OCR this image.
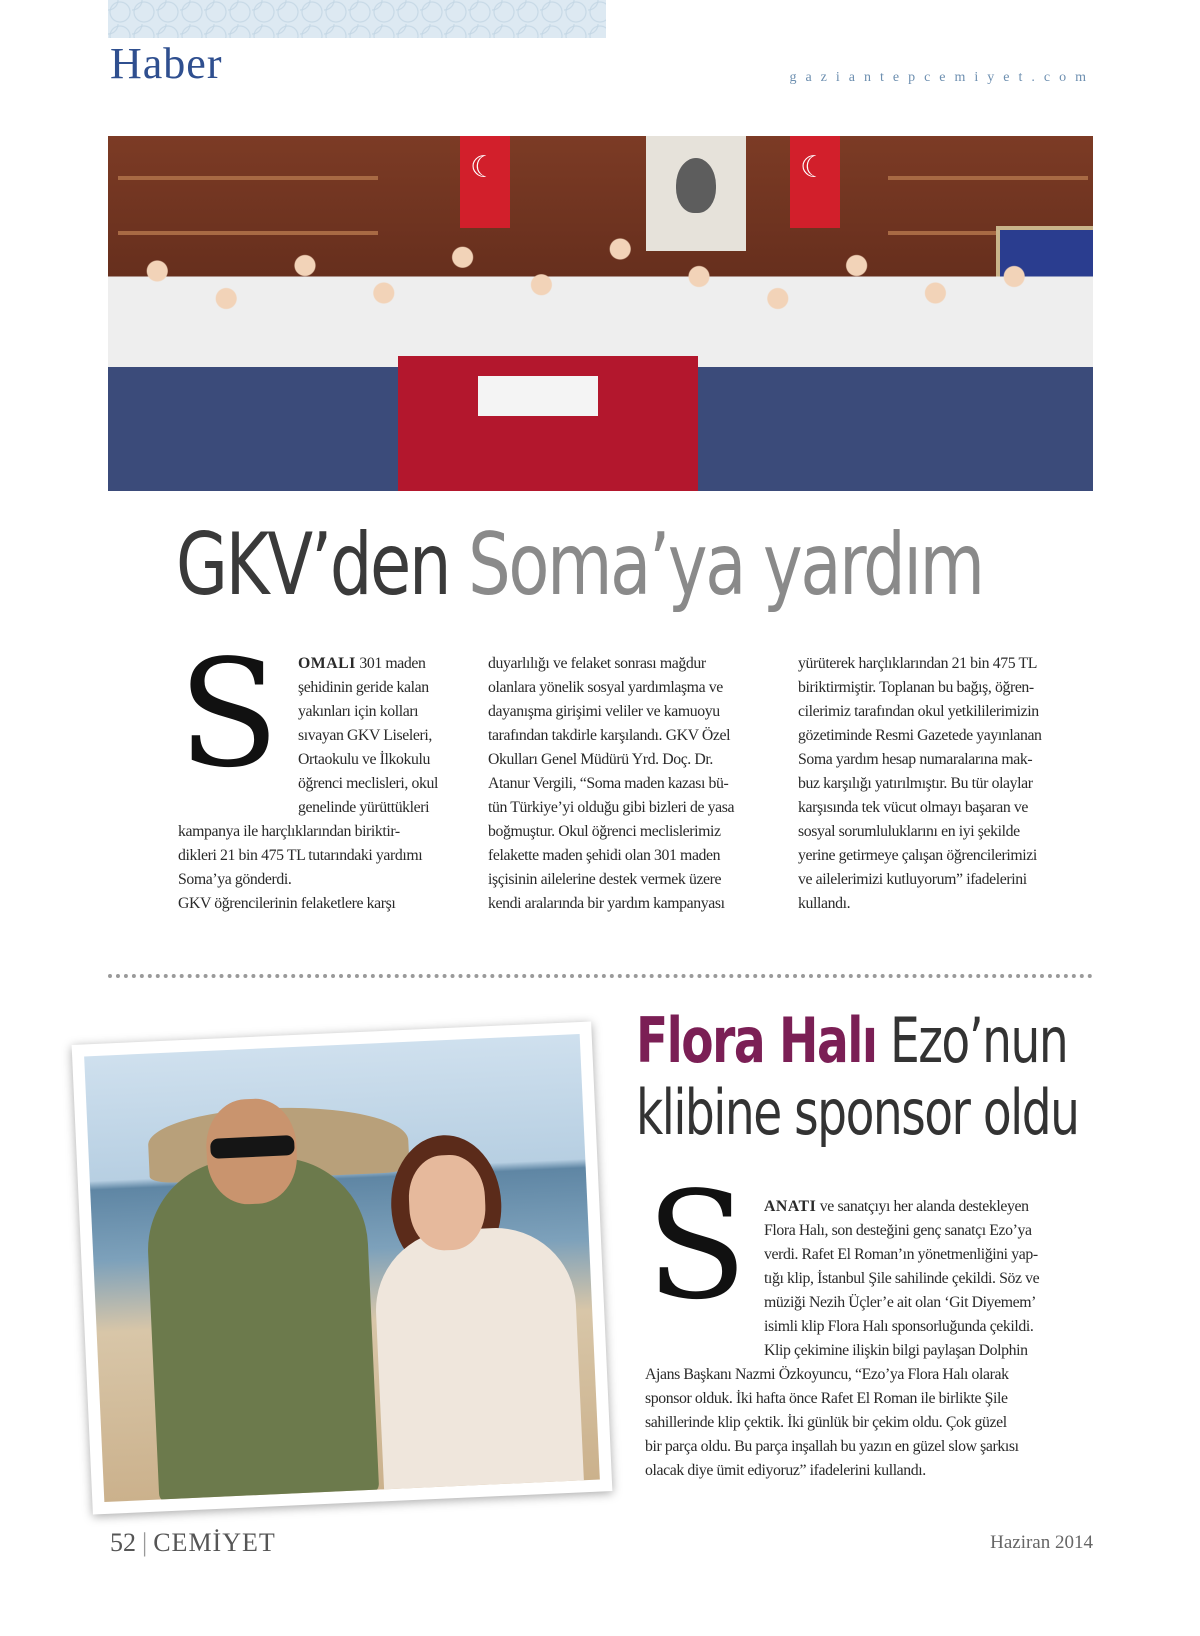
Haber	gaziantepcemiyet.com
☾
☾
GKV’den Soma’ya yardım
S	OMALI 301 maden
şehidinin geride kalan
yakınları için kolları
sıvayan GKV Liseleri,
Ortaokulu ve İlkokulu
öğrenci meclisleri, okul
genelinde yürüttükleri
kampanya ile harçlıklarından biriktir-
dikleri 21 bin 475 TL tutarındaki yardımı
Soma’ya gönderdi.
GKV öğrencilerinin felaketlere karşı
duyarlılığı ve felaket sonrası mağdur
olanlara yönelik sosyal yardımlaşma ve
dayanışma girişimi veliler ve kamuoyu
tarafından takdirle karşılandı. GKV Özel
Okulları Genel Müdürü Yrd. Doç. Dr.
Atanur Vergili, “Soma maden kazası bü-
tün Türkiye’yi olduğu gibi bizleri de yasa
boğmuştur. Okul öğrenci meclislerimiz
felakette maden şehidi olan 301 maden
işçisinin ailelerine destek vermek üzere
kendi aralarında bir yardım kampanyası
yürüterek harçlıklarından 21 bin 475 TL
biriktirmiştir. Toplanan bu bağış, öğren-
cilerimiz tarafından okul yetkililerimizin
gözetiminde Resmi Gazetede yayınlanan
Soma yardım hesap numaralarına mak-
buz karşılığı yatırılmıştır. Bu tür olaylar
karşısında tek vücut olmayı başaran ve
sosyal sorumluluklarını en iyi şekilde
yerine getirmeye çalışan öğrencilerimizi
ve ailelerimizi kutluyorum” ifadelerini
kullandı.
Flora Halı Ezo’nun
klibine sponsor oldu
S	ANATI ve sanatçıyı her alanda destekleyen
Flora Halı, son desteğini genç sanatçı Ezo’ya
verdi. Rafet El Roman’ın yönetmenliğini yap-
tığı klip, İstanbul Şile sahilinde çekildi. Söz ve
müziği Nezih Üçler’e ait olan ‘Git Diyemem’
isimli klip Flora Halı sponsorluğunda çekildi.
Klip çekimine ilişkin bilgi paylaşan Dolphin
Ajans Başkanı Nazmi Özkoyuncu, “Ezo’ya Flora Halı olarak
sponsor olduk. İki hafta önce Rafet El Roman ile birlikte Şile
sahillerinde klip çektik. İki günlük bir çekim oldu. Çok güzel
bir parça oldu. Bu parça inşallah bu yazın en güzel slow şarkısı
olacak diye ümit ediyoruz” ifadelerini kullandı.
52 | CEMİYET	Haziran 2014
